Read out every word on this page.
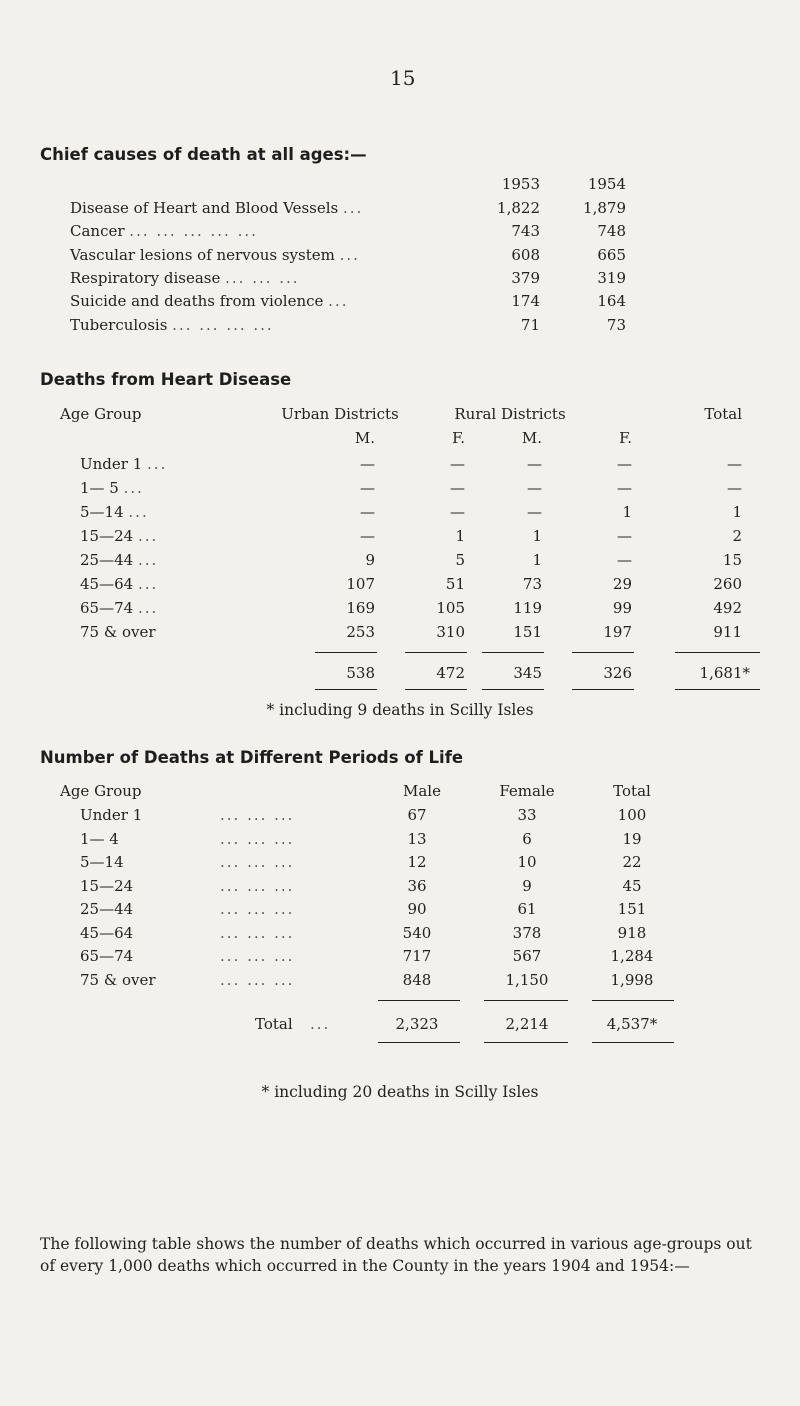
15
Chief causes of death at all ages:—
1953	1954
Disease of Heart and Blood Vessels ...	1,822	1,879
Cancer ... ... ... ... ...	743	748
Vascular lesions of nervous system ...	608	665
Respiratory disease ... ... ...	379	319
Suicide and deaths from violence ...	174	164
Tuberculosis ... ... ... ...	71	73
Deaths from Heart Disease
Age Group	Urban Districts	Rural Districts	Total
M.	F.	M.	F.
Under 1 ...	—	—	—	—	—
1— 5 ...	—	—	—	—	—
5—14 ...	—	—	—	1	1
15—24 ...	—	1	1	—	2
25—44 ...	9	5	1	—	15
45—64 ...	107	51	73	29	260
65—74 ...	169	105	119	99	492
75 & over	253	310	151	197	911
538	472	345	326	1,681*
* including 9 deaths in Scilly Isles
Number of Deaths at Different Periods of Life
Age Group	Male	Female	Total
Under 1	... ... ...	67	33	100
1— 4	... ... ...	13	6	19
5—14	... ... ...	12	10	22
15—24	... ... ...	36	9	45
25—44	... ... ...	90	61	151
45—64	... ... ...	540	378	918
65—74	... ... ...	717	567	1,284
75 & over	... ... ...	848	1,150	1,998
Total ...	2,323	2,214	4,537*
* including 20 deaths in Scilly Isles
The following table shows the number of deaths which occurred in various age-groups out of every 1,000 deaths which occurred in the County in the years 1904 and 1954:—
